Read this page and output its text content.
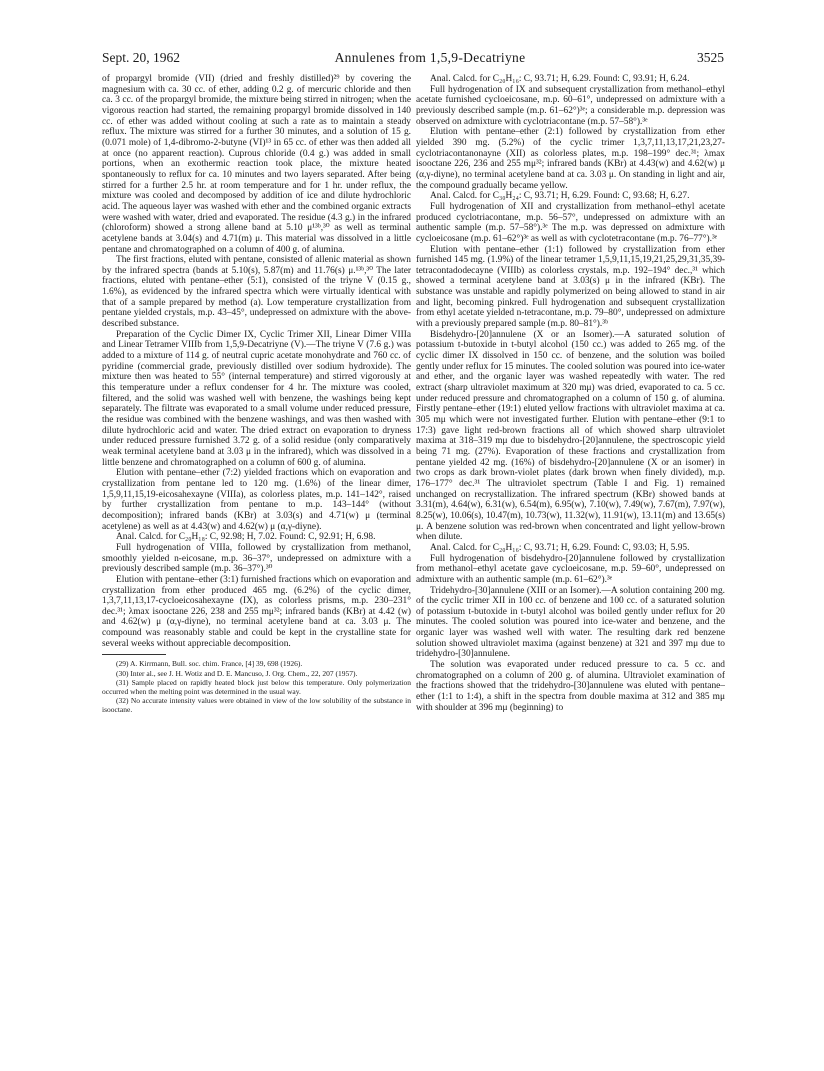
Sept. 20, 1962	Annulenes from 1,5,9-Decatriyne	3525

of propargyl bromide (VII) (dried and freshly distilled)²⁹ by covering the magnesium with ca. 30 cc. of ether, adding 0.2 g. of mercuric chloride and then ca. 3 cc. of the propargyl bromide, the mixture being stirred in nitrogen; when the vigorous reaction had started, the remaining propargyl bromide dissolved in 140 cc. of ether was added without cooling at such a rate as to maintain a steady reflux. The mixture was stirred for a further 30 minutes, and a solution of 15 g. (0.071 mole) of 1,4-dibromo-2-butyne (VI)¹³ in 65 cc. of ether was then added all at once (no apparent reaction). Cuprous chloride (0.4 g.) was added in small portions, when an exothermic reaction took place, the mixture heated spontaneously to reflux for ca. 10 minutes and two layers separated. After being stirred for a further 2.5 hr. at room temperature and for 1 hr. under reflux, the mixture was cooled and decomposed by addition of ice and dilute hydrochloric acid. The aqueous layer was washed with ether and the combined organic extracts were washed with water, dried and evaporated. The residue (4.3 g.) in the infrared (chloroform) showed a strong allene band at 5.10 μ¹³ᵇ,³⁰ as well as terminal acetylene bands at 3.04(s) and 4.71(m) μ. This material was dissolved in a little pentane and chromatographed on a column of 400 g. of alumina.

The first fractions, eluted with pentane, consisted of allenic material as shown by the infrared spectra (bands at 5.10(s), 5.87(m) and 11.76(s) μ.¹³ᵇ,³⁰ The later fractions, eluted with pentane–ether (5:1), consisted of the triyne V (0.15 g., 1.6%), as evidenced by the infrared spectra which were virtually identical with that of a sample prepared by method (a). Low temperature crystallization from pentane yielded crystals, m.p. 43–45°, undepressed on admixture with the above-described substance.

Preparation of the Cyclic Dimer IX, Cyclic Trimer XII, Linear Dimer VIIIa and Linear Tetramer VIIIb from 1,5,9-Decatriyne (V).—The triyne V (7.6 g.) was added to a mixture of 114 g. of neutral cupric acetate monohydrate and 760 cc. of pyridine (commercial grade, previously distilled over sodium hydroxide). The mixture then was heated to 55° (internal temperature) and stirred vigorously at this temperature under a reflux condenser for 4 hr. The mixture was cooled, filtered, and the solid was washed well with benzene, the washings being kept separately. The filtrate was evaporated to a small volume under reduced pressure, the residue was combined with the benzene washings, and was then washed with dilute hydrochloric acid and water. The dried extract on evaporation to dryness under reduced pressure furnished 3.72 g. of a solid residue (only comparatively weak terminal acetylene band at 3.03 μ in the infrared), which was dissolved in a little benzene and chromatographed on a column of 600 g. of alumina.

Elution with pentane–ether (7:2) yielded fractions which on evaporation and crystallization from pentane led to 120 mg. (1.6%) of the linear dimer, 1,5,9,11,15,19-eicosahexayne (VIIIa), as colorless plates, m.p. 141–142°, raised by further crystallization from pentane to m.p. 143–144° (without decomposition); infrared bands (KBr) at 3.03(s) and 4.71(w) μ (terminal acetylene) as well as at 4.43(w) and 4.62(w) μ (α,γ-diyne).

Anal. Calcd. for C₂₀H₁₈: C, 92.98; H, 7.02. Found: C, 92.91; H, 6.98.

Full hydrogenation of VIIIa, followed by crystallization from methanol, smoothly yielded n-eicosane, m.p. 36–37°, undepressed on admixture with a previously described sample (m.p. 36–37°).³⁰

Elution with pentane–ether (3:1) furnished fractions which on evaporation and crystallization from ether produced 465 mg. (6.2%) of the cyclic dimer, 1,3,7,11,13,17-cycloeicosahexayne (IX), as colorless prisms, m.p. 230–231° dec.³¹; λmax isooctane 226, 238 and 255 mμ³²; infrared bands (KBr) at 4.42 (w) and 4.62(w) μ (α,γ-diyne), no terminal acetylene band at ca. 3.03 μ. The compound was reasonably stable and could be kept in the crystalline state for several weeks without appreciable decomposition.

(29) A. Kirrmann, Bull. soc. chim. France, [4] 39, 698 (1926).

(30) Inter al., see J. H. Wotiz and D. E. Mancuso, J. Org. Chem., 22, 207 (1957).

(31) Sample placed on rapidly heated block just below this temperature. Only polymerization occurred when the melting point was determined in the usual way.

(32) No accurate intensity values were obtained in view of the low solubility of the substance in isooctane.

Anal. Calcd. for C₂₀H₁₆: C, 93.71; H, 6.29. Found: C, 93.91; H, 6.24.

Full hydrogenation of IX and subsequent crystallization from methanol–ethyl acetate furnished cycloeicosane, m.p. 60–61°, undepressed on admixture with a previously described sample (m.p. 61–62°)³ᵉ; a considerable m.p. depression was observed on admixture with cyclotriacontane (m.p. 57–58°).³ᵉ

Elution with pentane–ether (2:1) followed by crystallization from ether yielded 390 mg. (5.2%) of the cyclic trimer 1,3,7,11,13,17,21,23,27-cyclotriacontanonayne (XII) as colorless plates, m.p. 198–199° dec.³¹; λmax isooctane 226, 236 and 255 mμ³²; infrared bands (KBr) at 4.43(w) and 4.62(w) μ (α,γ-diyne), no terminal acetylene band at ca. 3.03 μ. On standing in light and air, the compound gradually became yellow.

Anal. Calcd. for C₃₀H₂₄: C, 93.71; H, 6.29. Found: C, 93.68; H, 6.27.

Full hydrogenation of XII and crystallization from methanol–ethyl acetate produced cyclotriacontane, m.p. 56–57°, undepressed on admixture with an authentic sample (m.p. 57–58°).³ᵉ The m.p. was depressed on admixture with cycloeicosane (m.p. 61–62°)³ᵉ as well as with cyclotetracontane (m.p. 76–77°).³ᵉ

Elution with pentane–ether (1:1) followed by crystallization from ether furnished 145 mg. (1.9%) of the linear tetramer 1,5,9,11,15,19,21,25,29,31,35,39-tetracontadodecayne (VIIIb) as colorless crystals, m.p. 192–194° dec.,³¹ which showed a terminal acetylene band at 3.03(s) μ in the infrared (KBr). The substance was unstable and rapidly polymerized on being allowed to stand in air and light, becoming pinkred. Full hydrogenation and subsequent crystallization from ethyl acetate yielded n-tetracontane, m.p. 79–80°, undepressed on admixture with a previously prepared sample (m.p. 80–81°).³ᵇ

Bisdehydro-[20]annulene (X or an Isomer).—A saturated solution of potassium t-butoxide in t-butyl alcohol (150 cc.) was added to 265 mg. of the cyclic dimer IX dissolved in 150 cc. of benzene, and the solution was boiled gently under reflux for 15 minutes. The cooled solution was poured into ice-water and ether, and the organic layer was washed repeatedly with water. The red extract (sharp ultraviolet maximum at 320 mμ) was dried, evaporated to ca. 5 cc. under reduced pressure and chromatographed on a column of 150 g. of alumina. Firstly pentane–ether (19:1) eluted yellow fractions with ultraviolet maxima at ca. 305 mμ which were not investigated further. Elution with pentane–ether (9:1 to 17:3) gave light red-brown fractions all of which showed sharp ultraviolet maxima at 318–319 mμ due to bisdehydro-[20]annulene, the spectroscopic yield being 71 mg. (27%). Evaporation of these fractions and crystallization from pentane yielded 42 mg. (16%) of bisdehydro-[20]annulene (X or an isomer) in two crops as dark brown-violet plates (dark brown when finely divided), m.p. 176–177° dec.³¹ The ultraviolet spectrum (Table I and Fig. 1) remained unchanged on recrystallization. The infrared spectrum (KBr) showed bands at 3.31(m), 4.64(w), 6.31(w), 6.54(m), 6.95(w), 7.10(w), 7.49(w), 7.67(m), 7.97(w), 8.25(w), 10.06(s), 10.47(m), 10.73(w), 11.32(w), 11.91(w), 13.11(m) and 13.65(s) μ. A benzene solution was red-brown when concentrated and light yellow-brown when dilute.

Anal. Calcd. for C₂₀H₁₆: C, 93.71; H, 6.29. Found: C, 93.03; H, 5.95.

Full hydrogenation of bisdehydro-[20]annulene followed by crystallization from methanol–ethyl acetate gave cycloeicosane, m.p. 59–60°, undepressed on admixture with an authentic sample (m.p. 61–62°).³ᵉ

Tridehydro-[30]annulene (XIII or an Isomer).—A solution containing 200 mg. of the cyclic trimer XII in 100 cc. of benzene and 100 cc. of a saturated solution of potassium t-butoxide in t-butyl alcohol was boiled gently under reflux for 20 minutes. The cooled solution was poured into ice-water and benzene, and the organic layer was washed well with water. The resulting dark red benzene solution showed ultraviolet maxima (against benzene) at 321 and 397 mμ due to tridehydro-[30]annulene.

The solution was evaporated under reduced pressure to ca. 5 cc. and chromatographed on a column of 200 g. of alumina. Ultraviolet examination of the fractions showed that the tridehydro-[30]annulene was eluted with pentane–ether (1:1 to 1:4), a shift in the spectra from double maxima at 312 and 385 mμ with shoulder at 396 mμ (beginning) to
